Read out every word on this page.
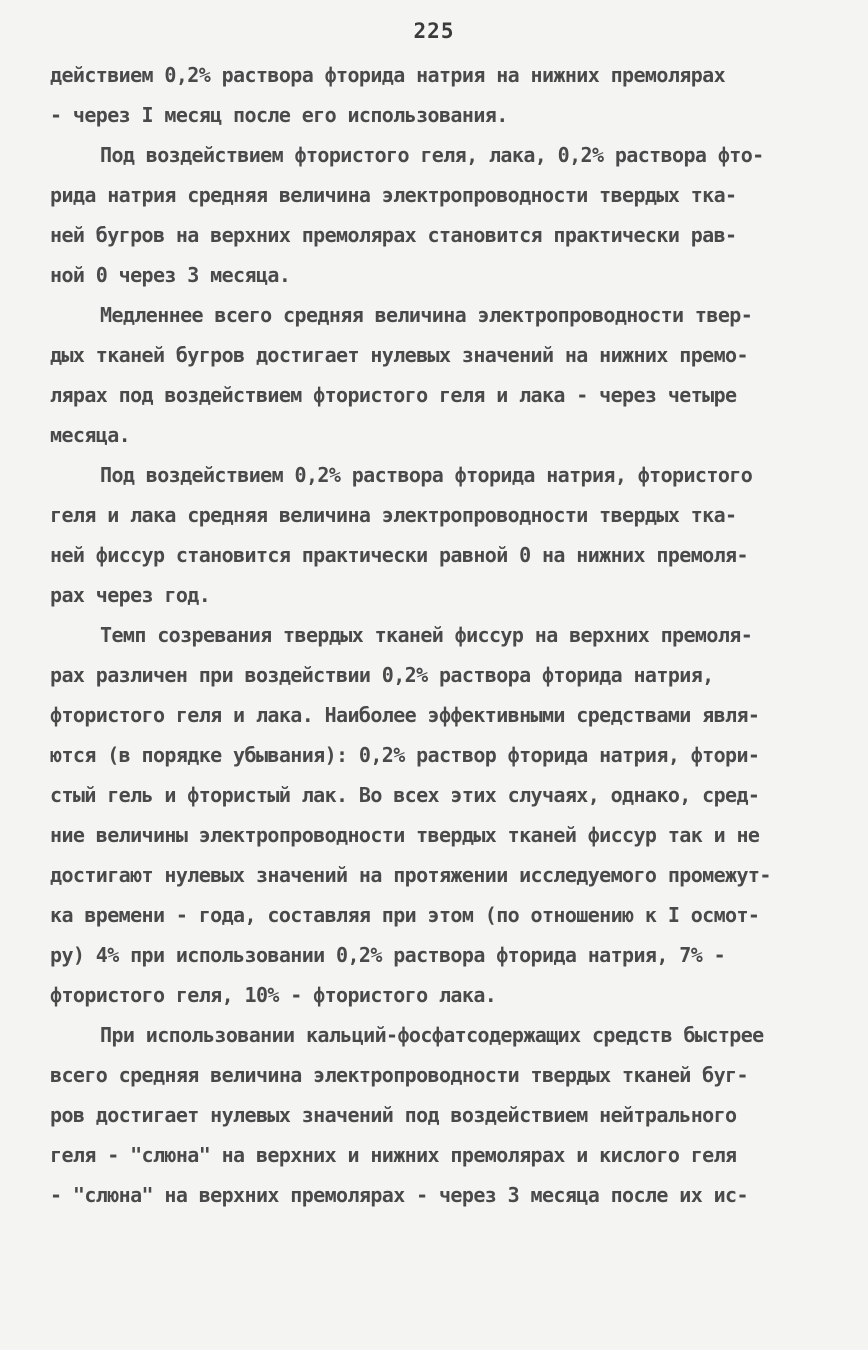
225
действием 0,2% раствора фторида натрия на нижних премолярах
- через I месяц после его использования.
Под воздействием фтористого геля, лака, 0,2% раствора фто-
рида натрия средняя величина электропроводности твердых тка-
ней бугров на верхних премолярах становится практически рав-
ной 0 через 3 месяца.
Медленнее всего средняя величина электропроводности твер-
дых тканей бугров достигает нулевых значений на нижних премо-
лярах под воздействием фтористого геля и лака - через четыре
месяца.
Под воздействием 0,2% раствора фторида натрия, фтористого
геля и лака средняя величина электропроводности твердых тка-
ней фиссур становится практически равной 0 на нижних премоля-
рах через год.
Темп созревания твердых тканей фиссур на верхних премоля-
рах различен при воздействии 0,2% раствора фторида натрия,
фтористого геля и лака. Наиболее эффективными средствами явля-
ются (в порядке убывания): 0,2% раствор фторида натрия, фтори-
стый гель и фтористый лак. Во всех этих случаях, однако, сред-
ние величины электропроводности твердых тканей фиссур так и не
достигают нулевых значений на протяжении исследуемого промежут-
ка времени - года, составляя при этом (по отношению к I осмот-
ру) 4% при использовании 0,2% раствора фторида натрия, 7% -
фтористого геля, 10% - фтористого лака.
При использовании кальций-фосфатсодержащих средств быстрее
всего средняя величина электропроводности твердых тканей буг-
ров достигает нулевых значений под воздействием нейтрального
геля - "слюна" на верхних и нижних премолярах и кислого геля
- "слюна" на верхних премолярах - через 3 месяца после их ис-
